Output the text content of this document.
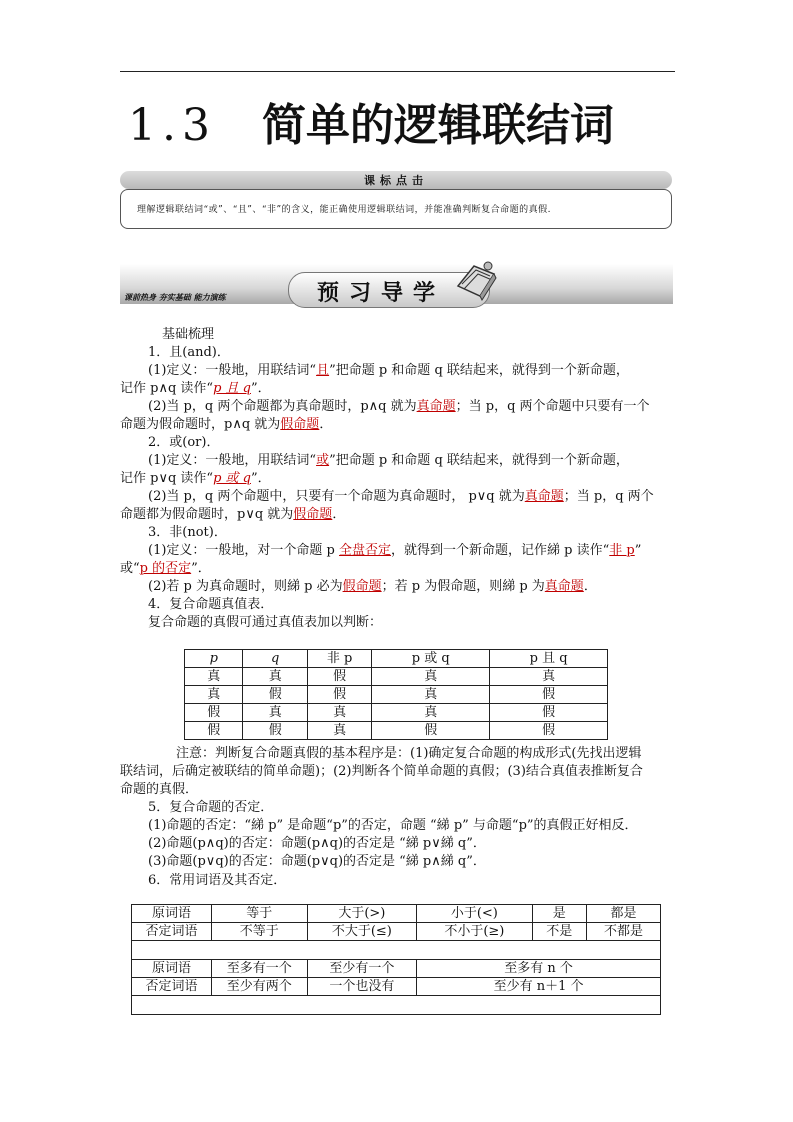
1.3 简单的逻辑联结词
课标点击
理解逻辑联结词“或”、“且”、“非”的含义，能正确使用逻辑联结词，并能准确判断复合命题的真假.
课前热身 夯实基础 能力演练	预习导学
基础梳理
1．且(and)．
(1)定义：一般地，用联结词“且”把命题 p 和命题 q 联结起来，就得到一个新命题，
记作 p∧q 读作“p 且 q”．
(2)当 p，q 两个命题都为真命题时，p∧q 就为真命题；当 p，q 两个命题中只要有一个
命题为假命题时，p∧q 就为假命题．
2．或(or)．
(1)定义：一般地，用联结词“或”把命题 p 和命题 q 联结起来，就得到一个新命题，
记作 p∨q 读作“p 或 q”．
(2)当 p，q 两个命题中，只要有一个命题为真命题时， p∨q 就为真命题；当 p，q 两个
命题都为假命题时，p∨q 就为假命题．
3．非(not)．
(1)定义：一般地，对一个命题 p 全盘否定，就得到一个新命题，记作綈 p 读作“非 p”
或“p 的否定”．
(2)若 p 为真命题时，则綈 p 必为假命题；若 p 为假命题，则綈 p 为真命题．
4．复合命题真值表．
复合命题的真假可通过真值表加以判断：
p	q	非 p	p 或 q	p 且 q
真	真	假	真	真
真	假	假	真	假
假	真	真	真	假
假	假	真	假	假
注意：判断复合命题真假的基本程序是：(1)确定复合命题的构成形式(先找出逻辑
联结词，后确定被联结的简单命题)；(2)判断各个简单命题的真假；(3)结合真值表推断复合
命题的真假．
5．复合命题的否定．
(1)命题的否定：“綈 p” 是命题“p”的否定，命题 “綈 p” 与命题“p”的真假正好相反．
(2)命题(p∧q)的否定：命题(p∧q)的否定是 “綈 p∨綈 q”．
(3)命题(p∨q)的否定：命题(p∨q)的否定是 “綈 p∧綈 q”．
6．常用词语及其否定．
原词语	等于	大于(>)	小于(<)	是	都是
否定词语	不等于	不大于(≤)	不小于(≥)	不是	不都是

原词语	至多有一个	至少有一个	至多有 n 个		
否定词语	至少有两个	一个也没有	至少有 n＋1 个		
